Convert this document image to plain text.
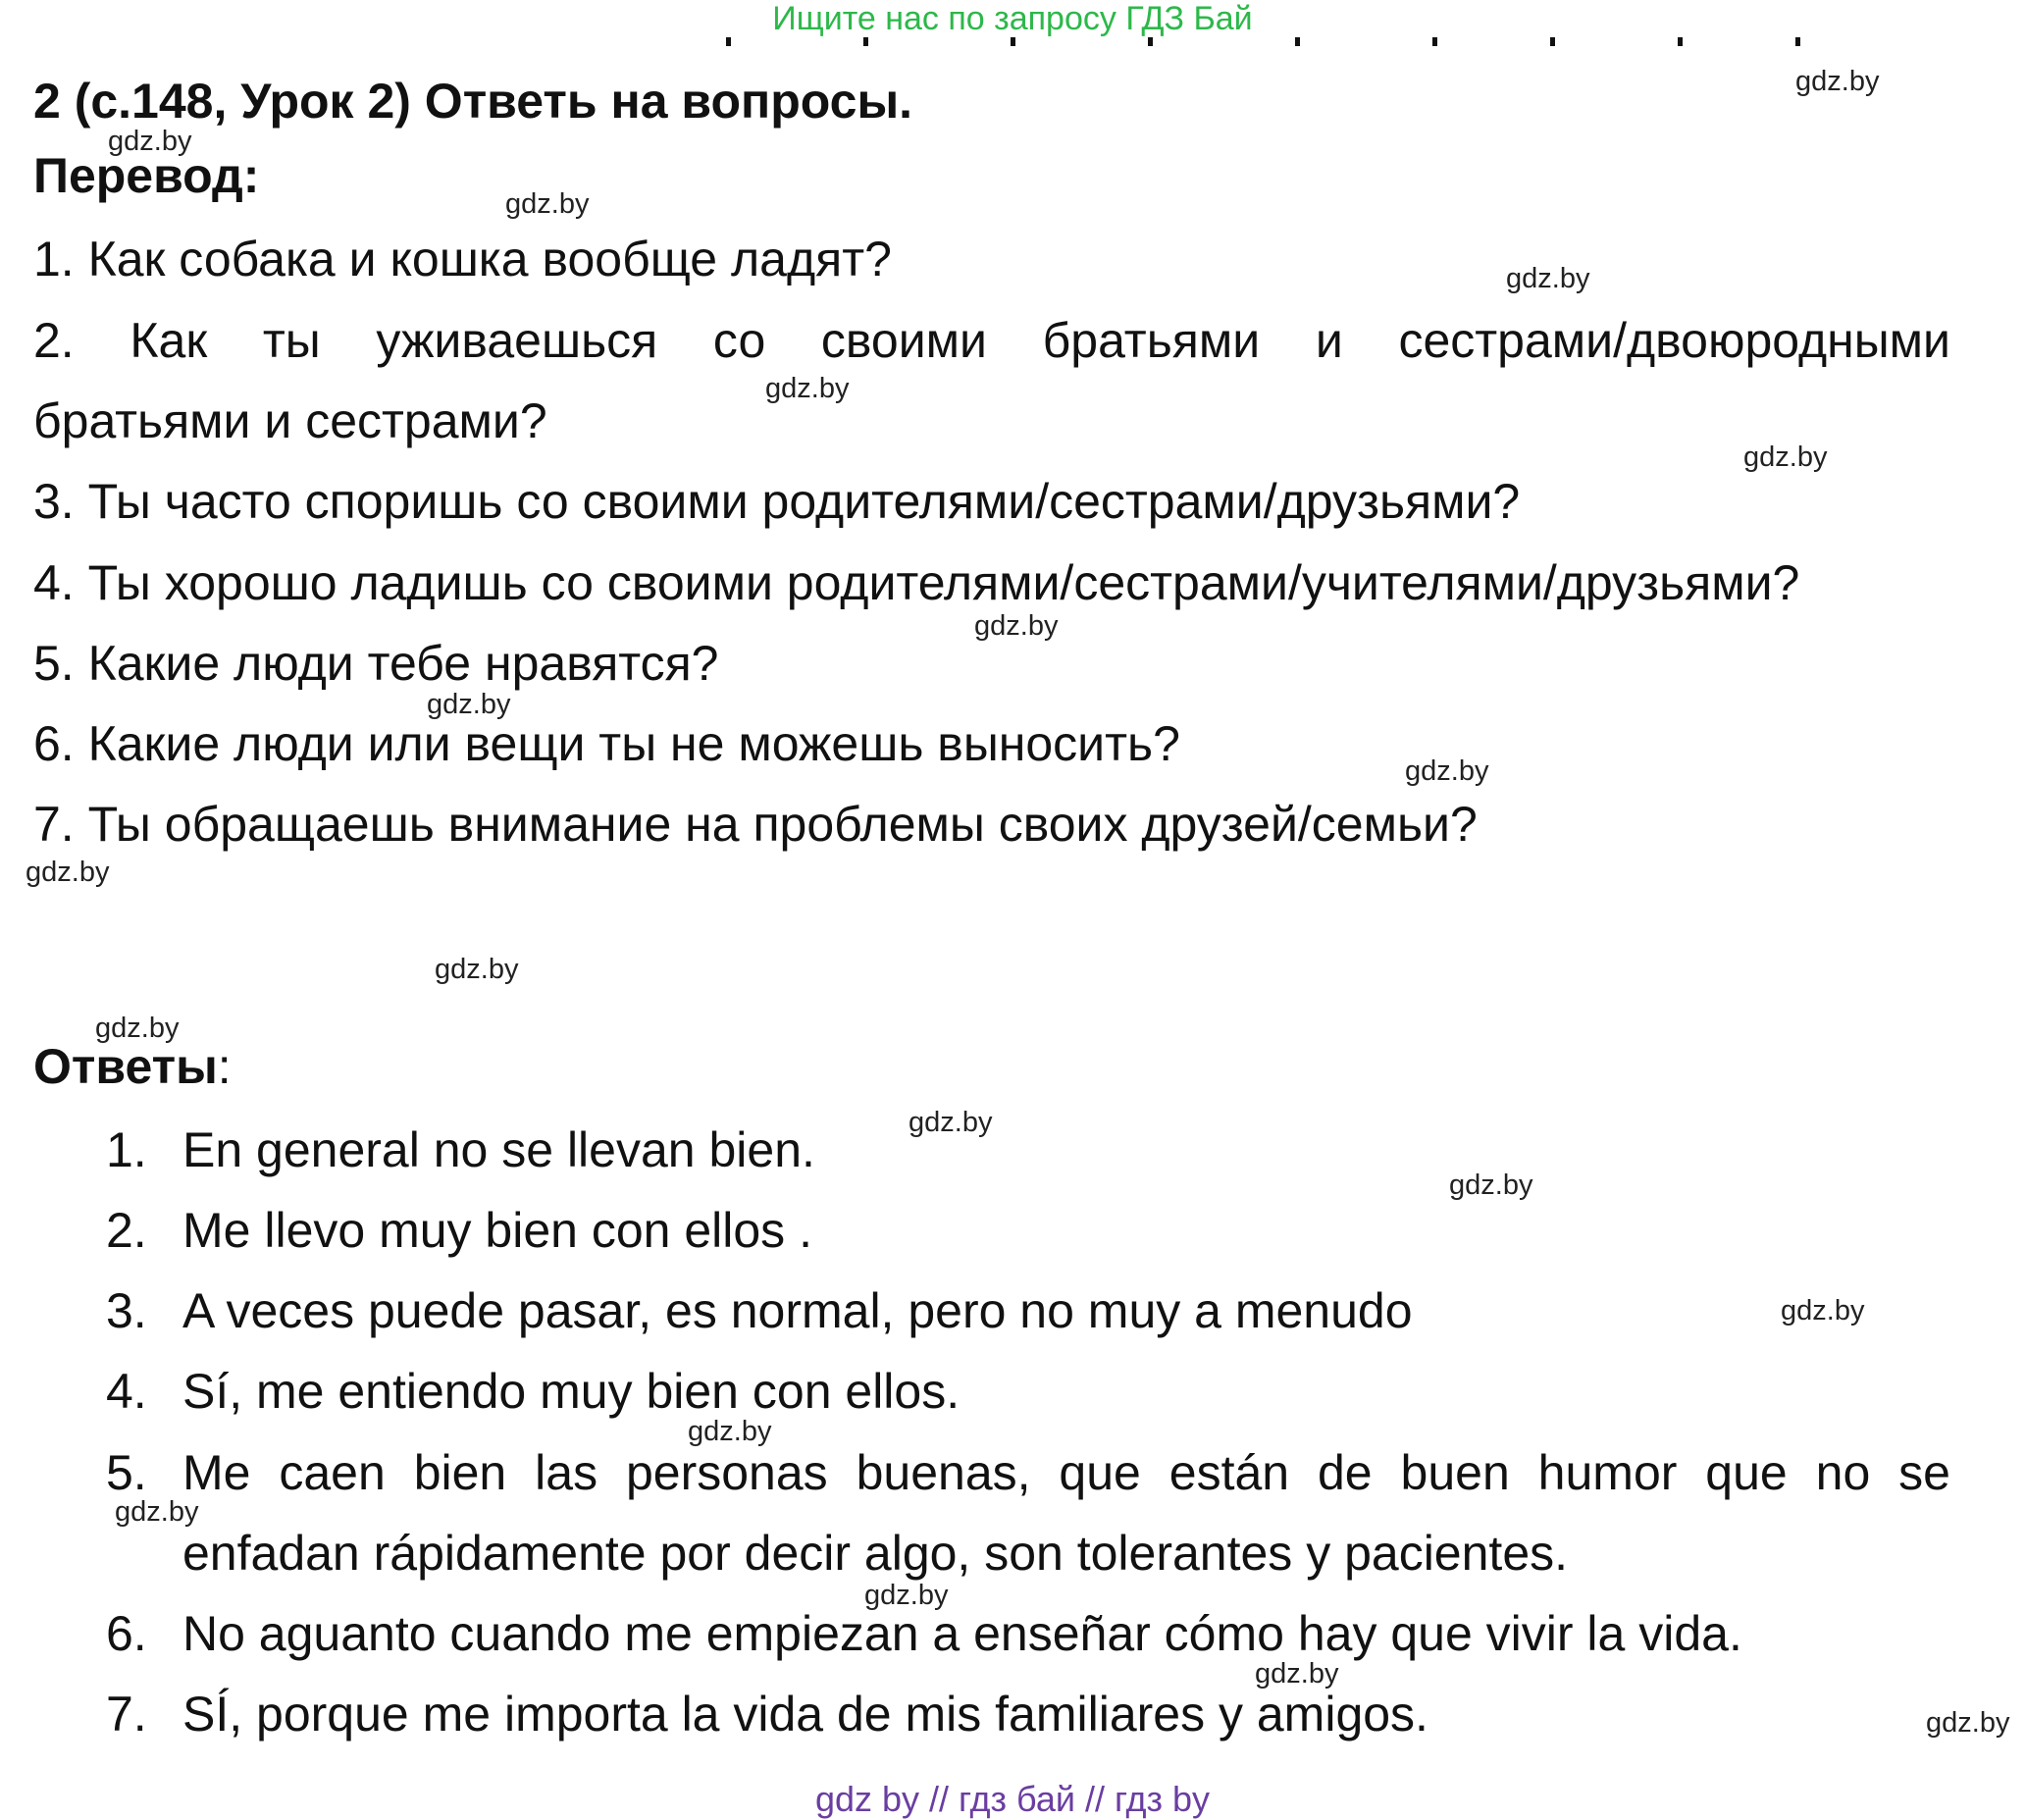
Ищите нас по запросу ГДЗ Бай
2 (с.148, Урок 2) Ответь на вопросы.
Перевод:
1. Как собака и кошка вообще ладят?
2. Как ты уживаешься со своими братьями и сестрами/двоюродными
братьями и сестрами?
3. Ты часто споришь со своими родителями/сестрами/друзьями?
4. Ты хорошо ладишь со своими родителями/сестрами/учителями/друзьями?
5. Какие люди тебе нравятся?
6. Какие люди или вещи ты не можешь выносить?
7. Ты обращаешь внимание на проблемы своих друзей/семьи?
Ответы:
1. En general no se llevan bien.
2. Me llevo muy bien con ellos .
3. A veces puede pasar, es normal, pero no muy a menudo
4. Sí, me entiendo muy bien con ellos.
5. Me caen bien las personas buenas, que están de buen humor que no se
enfadan rápidamente por decir algo, son tolerantes y pacientes.
6. No aguanto cuando me empiezan a enseñar cómo hay que vivir la vida.
7. SÍ, porque me importa la vida de mis familiares y amigos.
gdz.by
gdz.by
gdz.by
gdz.by
gdz.by
gdz.by
gdz.by
gdz.by
gdz.by
gdz.by
gdz.by
gdz.by
gdz.by
gdz.by
gdz.by
gdz.by
gdz.by
gdz.by
gdz.by
gdz.by
gdz by // гдз бай // гдз by
